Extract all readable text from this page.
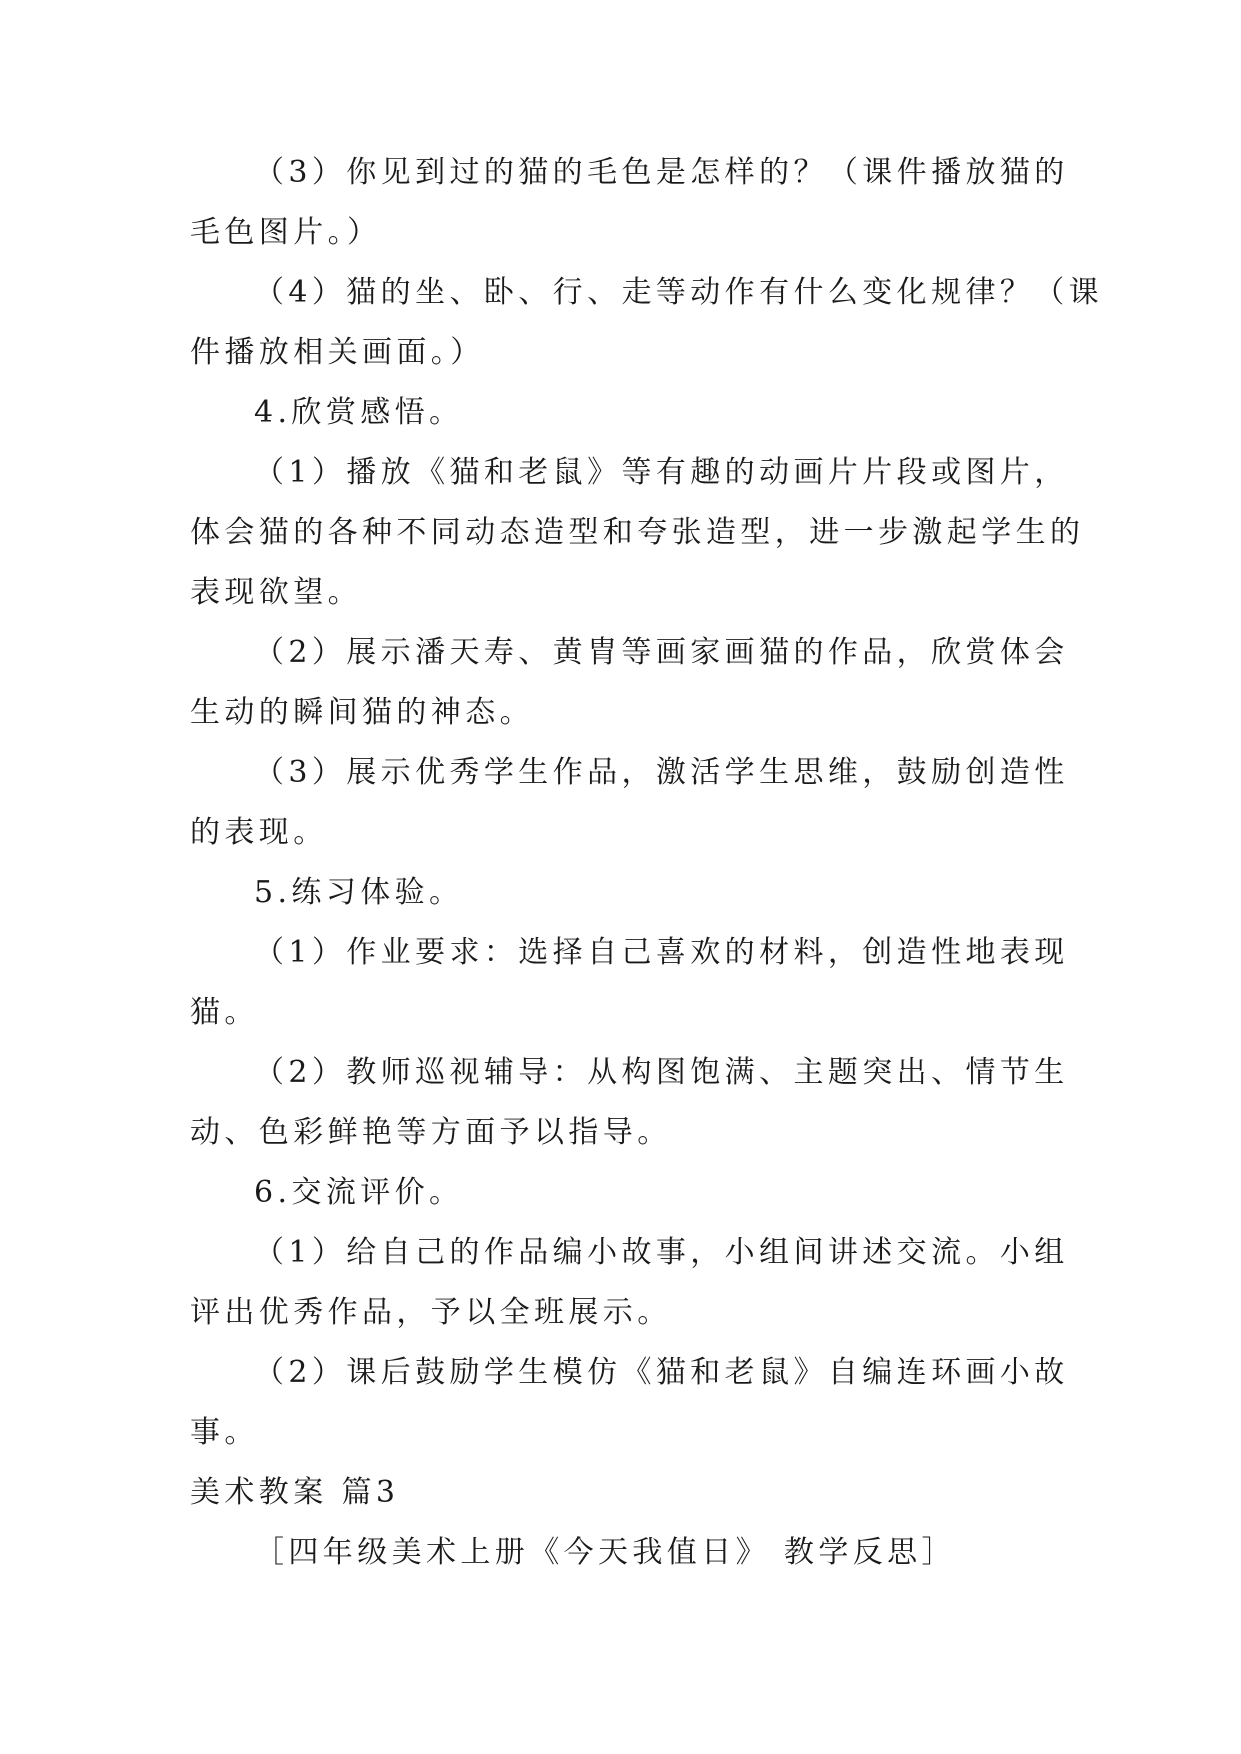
（3）你见到过的猫的毛色是怎样的？（课件播放猫的
毛色图片。）
（4）猫的坐、卧、行、走等动作有什么变化规律？（课
件播放相关画面。）
4.欣赏感悟。
（1）播放《猫和老鼠》等有趣的动画片片段或图片，
体会猫的各种不同动态造型和夸张造型，进一步激起学生的
表现欲望。
（2）展示潘天寿、黄胄等画家画猫的作品，欣赏体会
生动的瞬间猫的神态。
（3）展示优秀学生作品，激活学生思维，鼓励创造性
的表现。
5.练习体验。
（1）作业要求：选择自己喜欢的材料，创造性地表现
猫。
（2）教师巡视辅导：从构图饱满、主题突出、情节生
动、色彩鲜艳等方面予以指导。
6.交流评价。
（1）给自己的作品编小故事，小组间讲述交流。小组
评出优秀作品，予以全班展示。
（2）课后鼓励学生模仿《猫和老鼠》自编连环画小故
事。
美术教案 篇3
［四年级美术上册《今天我值日》 教学反思］
